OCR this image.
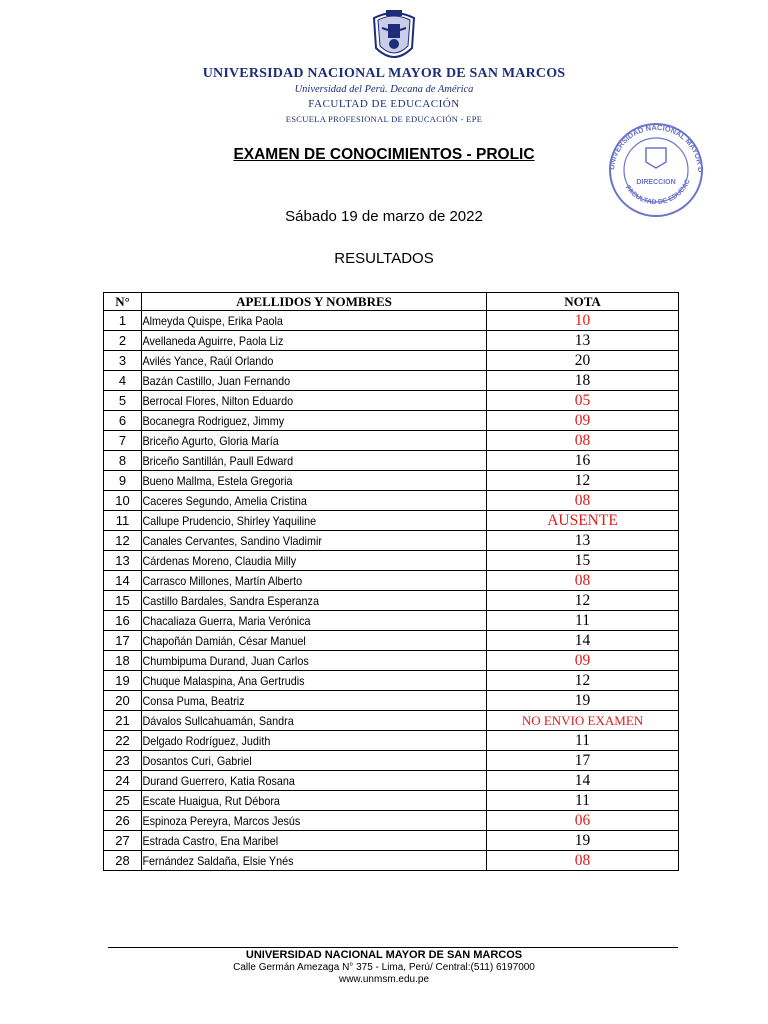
UNIVERSIDAD NACIONAL MAYOR D
FACULTAD DE EDUCAC
DIRECCION
UNIVERSIDAD NACIONAL MAYOR DE SAN MARCOS
Universidad del Perú. Decana de América
FACULTAD DE EDUCACIÓN
ESCUELA PROFESIONAL DE EDUCACIÓN - EPE
EXAMEN DE CONOCIMIENTOS - PROLIC
Sábado 19 de marzo de 2022
RESULTADOS
N°	APELLIDOS Y NOMBRES	NOTA
1	Almeyda Quispe, Erika Paola	10
2	Avellaneda Aguirre, Paola Liz	13
3	Avilés Yance, Raúl Orlando	20
4	Bazán Castillo, Juan Fernando	18
5	Berrocal Flores, Nilton Eduardo	05
6	Bocanegra Rodriguez, Jimmy	09
7	Briceño Agurto, Gloria María	08
8	Briceño Santillán, Paull Edward	16
9	Bueno Mallma, Estela Gregoria	12
10	Caceres Segundo, Amelia Cristina	08
11	Callupe Prudencio, Shirley Yaquiline	AUSENTE
12	Canales Cervantes, Sandino Vladimir	13
13	Cárdenas Moreno, Claudia Milly	15
14	Carrasco Millones, Martín Alberto	08
15	Castillo Bardales, Sandra Esperanza	12
16	Chacaliaza Guerra, Maria Verónica	11
17	Chapoñán Damián, César Manuel	14
18	Chumbipuma Durand, Juan Carlos	09
19	Chuque Malaspina, Ana Gertrudis	12
20	Consa Puma, Beatriz	19
21	Dávalos Sullcahuamán, Sandra	NO ENVIO EXAMEN
22	Delgado Rodríguez, Judith	11
23	Dosantos Curi, Gabriel	17
24	Durand Guerrero, Katia Rosana	14
25	Escate Huaigua, Rut Débora	11
26	Espinoza Pereyra, Marcos Jesús	06
27	Estrada Castro, Ena Maribel	19
28	Fernández Saldaña, Elsie Ynés	08
UNIVERSIDAD NACIONAL MAYOR DE SAN MARCOS
Calle Germán Amezaga N° 375 - Lima, Perú/ Central:(511) 6197000
www.unmsm.edu.pe
